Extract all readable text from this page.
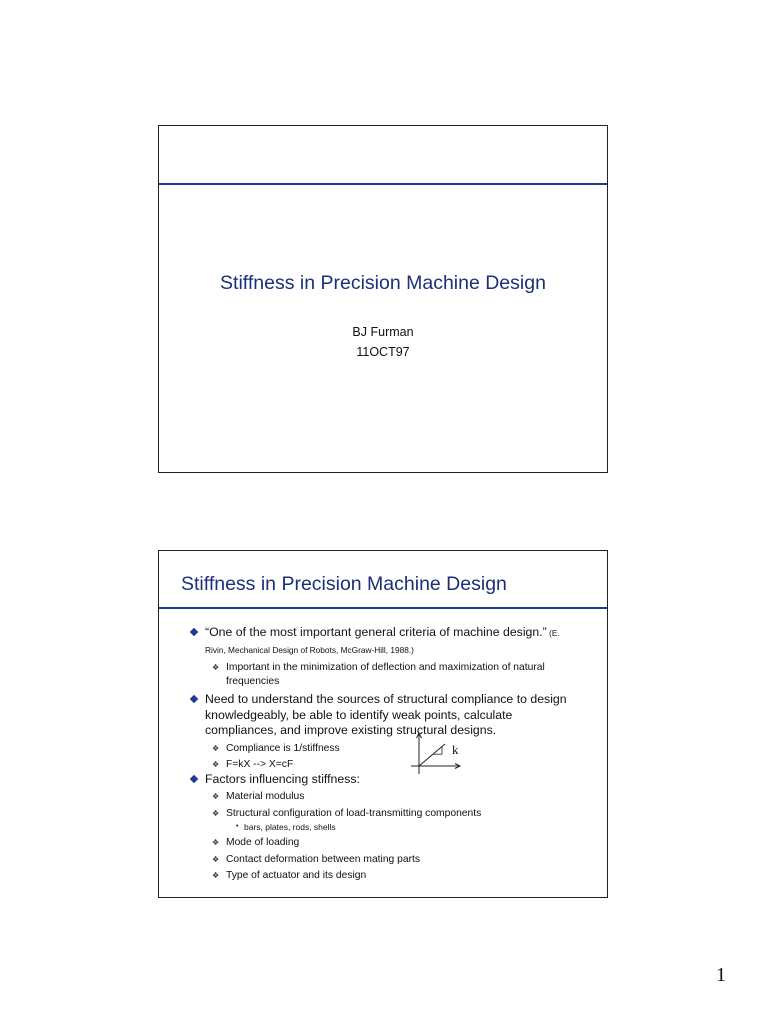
Stiffness in Precision Machine Design
BJ Furman
11OCT97
Stiffness in Precision Machine Design
“One of the most important general criteria of machine design.” (E.
Rivin, Mechanical Design of Robots, McGraw-Hill, 1988.)
❖ Important in the minimization of deflection and maximization of natural
frequencies
Need to understand the sources of structural compliance to design
knowledgeably, be able to identify weak points, calculate
compliances, and improve existing structural designs.
❖ Compliance is 1/stiffness
❖ F=kX --> X=cF
Factors influencing stiffness:
❖ Material modulus
❖ Structural configuration of load-transmitting components
• bars, plates, rods, shells
❖ Mode of loading
❖ Contact deformation between mating parts
❖ Type of actuator and its design
k
1
